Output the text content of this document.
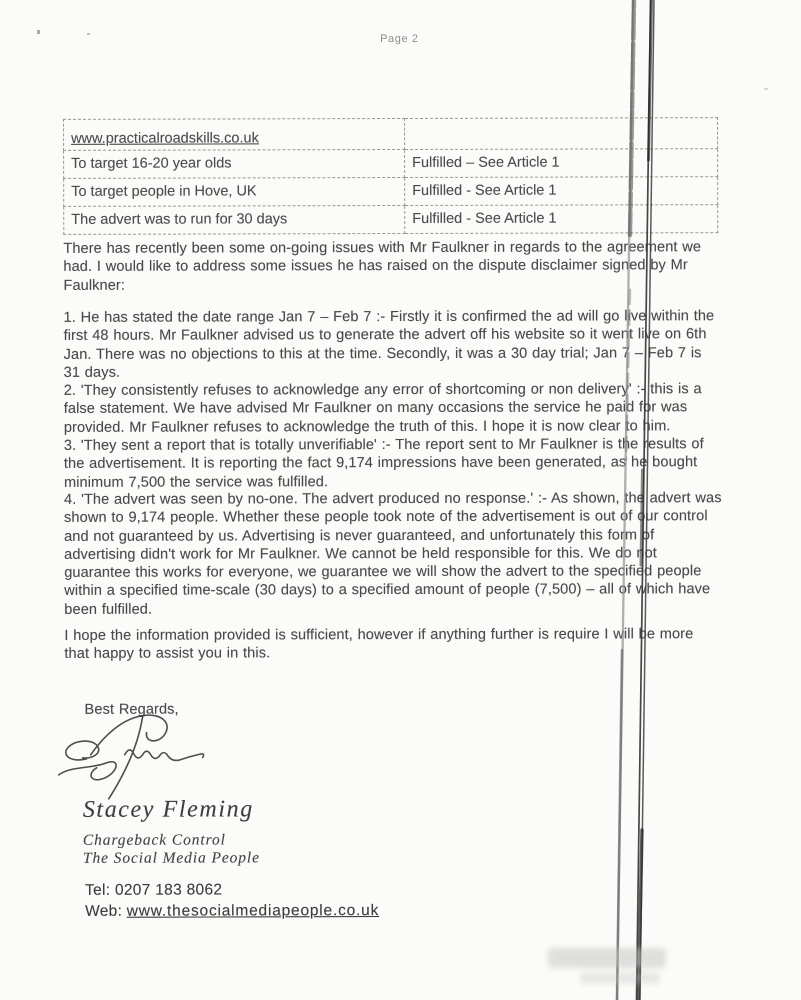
Page 2
www.practicalroadskills.co.uk	
To target 16-20 year olds	Fulfilled – See Article 1
To target people in Hove, UK	Fulfilled - See Article 1
The advert was to run for 30 days	Fulfilled - See Article 1
There has recently been some on-going issues with Mr Faulkner in regards to the agreement we had. I would like to address some issues he has raised on the dispute disclaimer signed by Mr Faulkner:
1. He has stated the date range Jan 7 – Feb 7 :- Firstly it is confirmed the ad will go live within the first 48 hours. Mr Faulkner advised us to generate the advert off his website so it went live on 6th Jan. There was no objections to this at the time. Secondly, it was a 30 day trial; Jan 7 – Feb 7 is 31 days.
2. 'They consistently refuses to acknowledge any error of shortcoming or non delivery' :- this is a false statement. We have advised Mr Faulkner on many occasions the service he paid for was provided. Mr Faulkner refuses to acknowledge the truth of this. I hope it is now clear to him.
3. 'They sent a report that is totally unverifiable' :- The report sent to Mr Faulkner is the results of the advertisement. It is reporting the fact 9,174 impressions have been generated, as he bought minimum 7,500 the service was fulfilled.
4. 'The advert was seen by no-one. The advert produced no response.' :- As shown, the advert was shown to 9,174 people. Whether these people took note of the advertisement is out of our control and not guaranteed by us. Advertising is never guaranteed, and unfortunately this form of advertising didn't work for Mr Faulkner. We cannot be held responsible for this. We do not guarantee this works for everyone, we guarantee we will show the advert to the specified people within a specified time-scale (30 days) to a specified amount of people (7,500) – all of which have been fulfilled.
I hope the information provided is sufficient, however if anything further is require I will be more that happy to assist you in this.
Best Regards,
Stacey Fleming
Chargeback Control
The Social Media People
Tel: 0207 183 8062
Web: www.thesocialmediapeople.co.uk
